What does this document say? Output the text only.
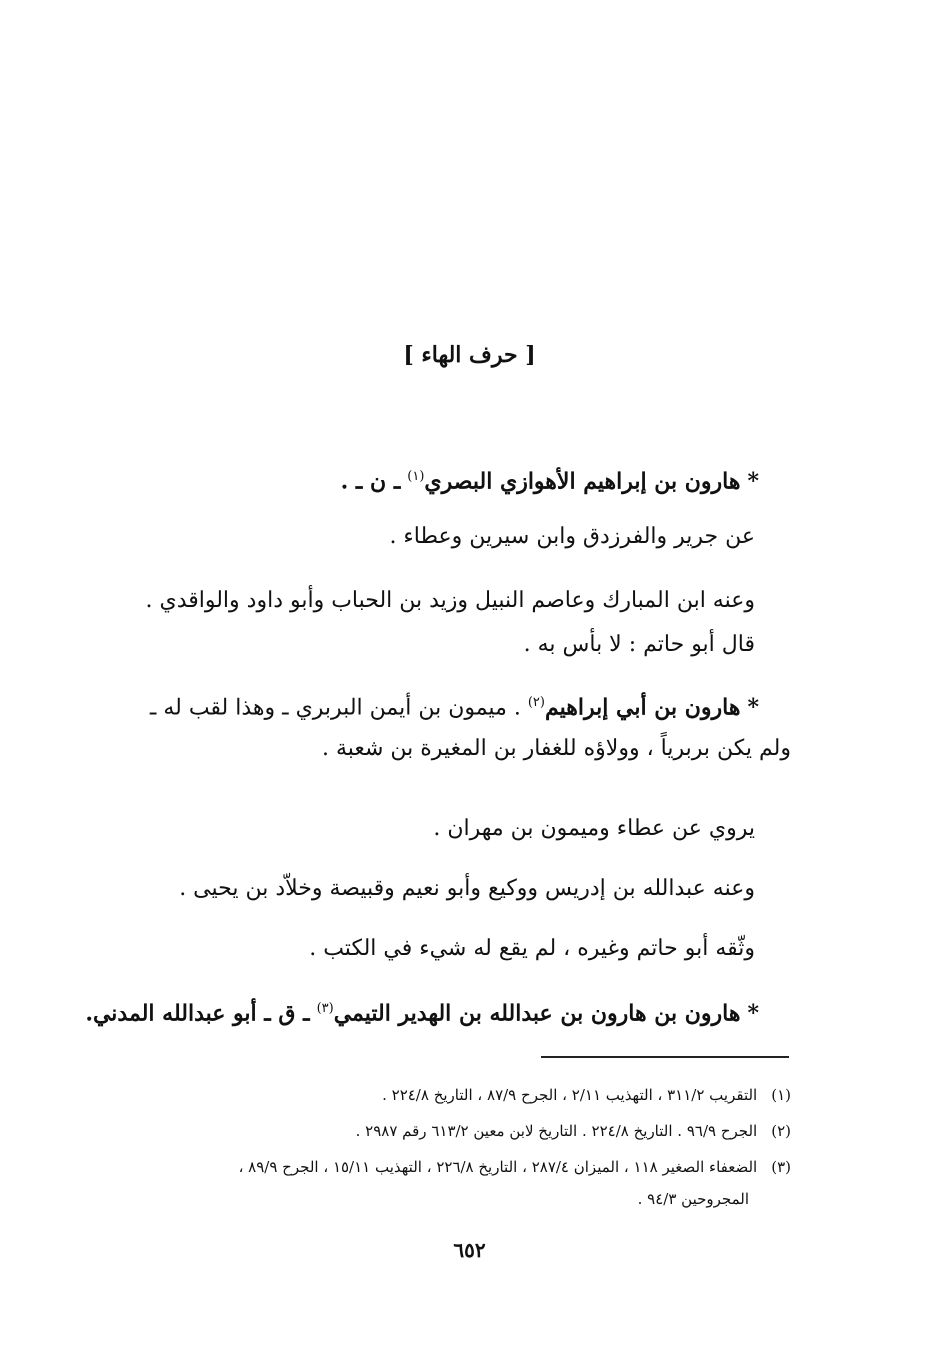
[ حرف الهاء ]
* هارون بن إبراهيم الأهوازي البصري$^{(١)}$ ـ ن ـ .
عن جرير والفرزدق وابن سيرين وعطاء .
وعنه ابن المبارك وعاصم النبيل وزيد بن الحباب وأبو داود والواقدي .
قال أبو حاتم : لا بأس به .
* هارون بن أبي إبراهيم$^{(٢)}$ . ميمون بن أيمن البربري ـ وهذا لقب له ـ
ولم يكن بربرياً ، وولاؤه للغفار بن المغيرة بن شعبة .
يروي عن عطاء وميمون بن مهران .
وعنه عبدالله بن إدريس ووكيع وأبو نعيم وقبيصة وخلاّد بن يحيى .
وثّقه أبو حاتم وغيره ، لم يقع له شيء في الكتب .
* هارون بن هارون بن عبدالله بن الهدير التيمي$^{(٣)}$ ـ ق ـ أبو عبدالله المدني.
(١)التقريب ٣١١/٢ ، التهذيب ٢/١١ ، الجرح ٨٧/٩ ، التاريخ ٢٢٤/٨ .
(٢)الجرح ٩٦/٩ . التاريخ ٢٢٤/٨ . التاريخ لابن معين ٦١٣/٢ رقم ٢٩٨٧ .
(٣)الضعفاء الصغير ١١٨ ، الميزان ٢٨٧/٤ ، التاريخ ٢٢٦/٨ ، التهذيب ١٥/١١ ، الجرح ٨٩/٩ ،
المجروحين ٩٤/٣ .
٦٥٢
